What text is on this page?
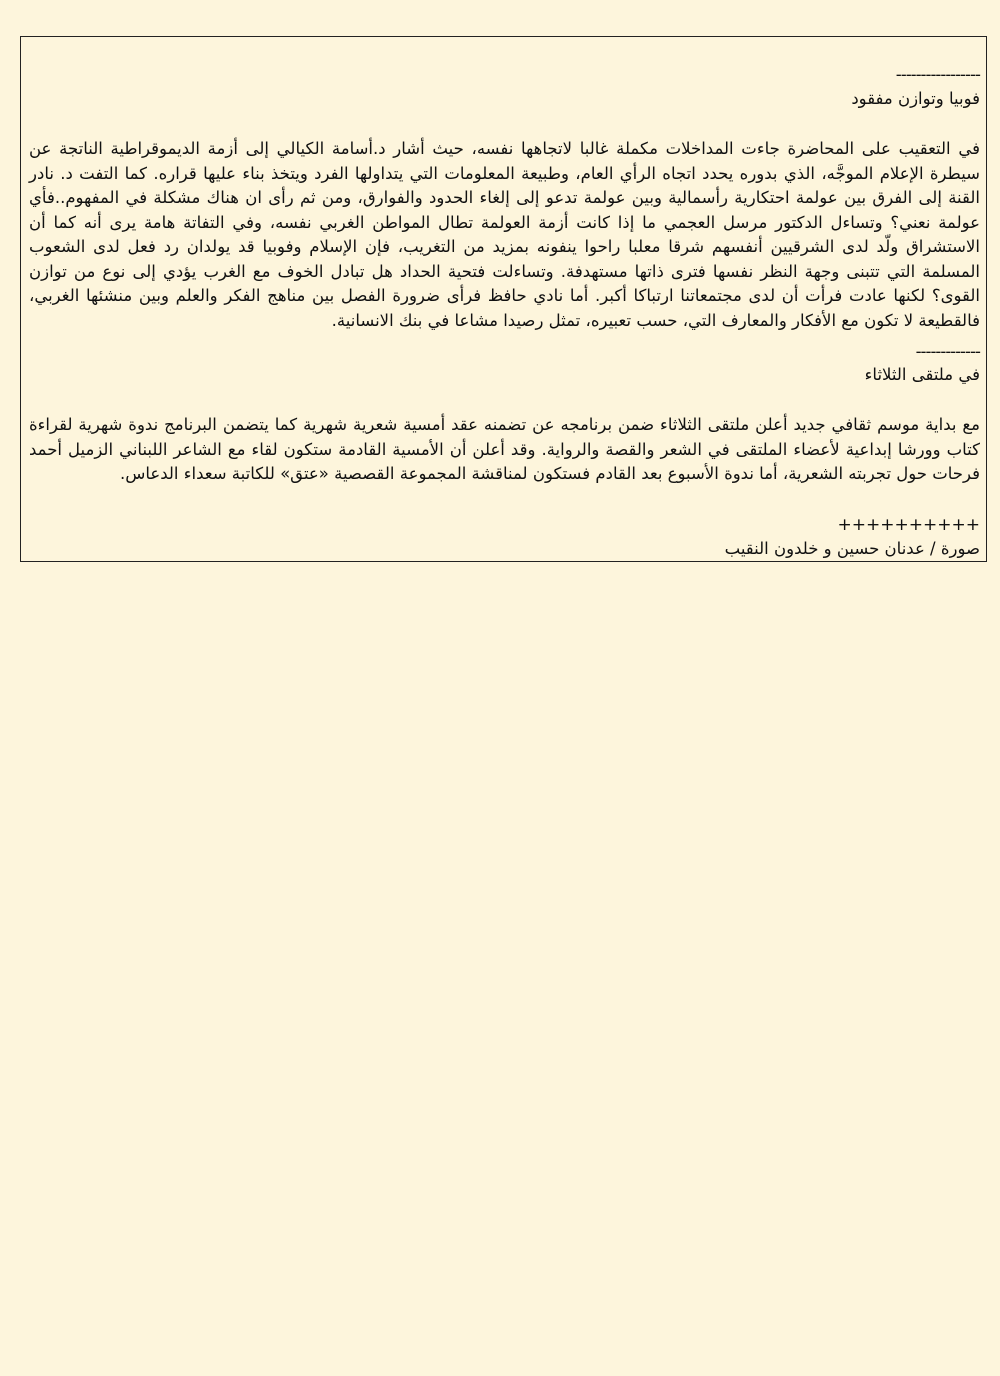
-----------------
فوبيا وتوازن مفقود
في التعقيب على المحاضرة جاءت المداخلات مكملة غالبا لاتجاهها نفسه، حيث أشار د.أسامة الكيالي إلى أزمة الديموقراطية الناتجة عن سيطرة الإعلام الموجَّه، الذي بدوره يحدد اتجاه الرأي العام، وطبيعة المعلومات التي يتداولها الفرد ويتخذ بناء عليها قراره. كما التفت د. نادر القنة إلى الفرق بين عولمة احتكارية رأسمالية وبين عولمة تدعو إلى إلغاء الحدود والفوارق، ومن ثم رأى ان هناك مشكلة في المفهوم..فأي عولمة نعني؟ وتساءل الدكتور مرسل العجمي ما إذا كانت أزمة العولمة تطال المواطن الغربي نفسه، وفي التفاتة هامة يرى أنه كما أن الاستشراق ولّد لدى الشرقيين أنفسهم شرقا معلبا راحوا ينفونه بمزيد من التغريب، فإن الإسلام وفوبيا قد يولدان رد فعل لدى الشعوب المسلمة التي تتبنى وجهة النظر نفسها فترى ذاتها مستهدفة. وتساءلت فتحية الحداد هل تبادل الخوف مع الغرب يؤدي إلى نوع من توازن القوى؟ لكنها عادت فرأت أن لدى مجتمعاتنا ارتباكا أكبر. أما نادي حافظ فرأى ضرورة الفصل بين مناهج الفكر والعلم وبين منشئها الغربي، فالقطيعة لا تكون مع الأفكار والمعارف التي، حسب تعبيره، تمثل رصيدا مشاعا في بنك الانسانية.
-------------
في ملتقى الثلاثاء
مع بداية موسم ثقافي جديد أعلن ملتقى الثلاثاء ضمن برنامجه عن تضمنه عقد أمسية شعرية شهرية كما يتضمن البرنامج ندوة شهرية لقراءة كتاب وورشا إبداعية لأعضاء الملتقى في الشعر والقصة والرواية. وقد أعلن أن الأمسية القادمة ستكون لقاء مع الشاعر اللبناني الزميل أحمد فرحات حول تجربته الشعرية، أما ندوة الأسبوع بعد القادم فستكون لمناقشة المجموعة القصصية «عتق» للكاتبة سعداء الدعاس.
++++++++++
صورة / عدنان حسين و خلدون النقيب
